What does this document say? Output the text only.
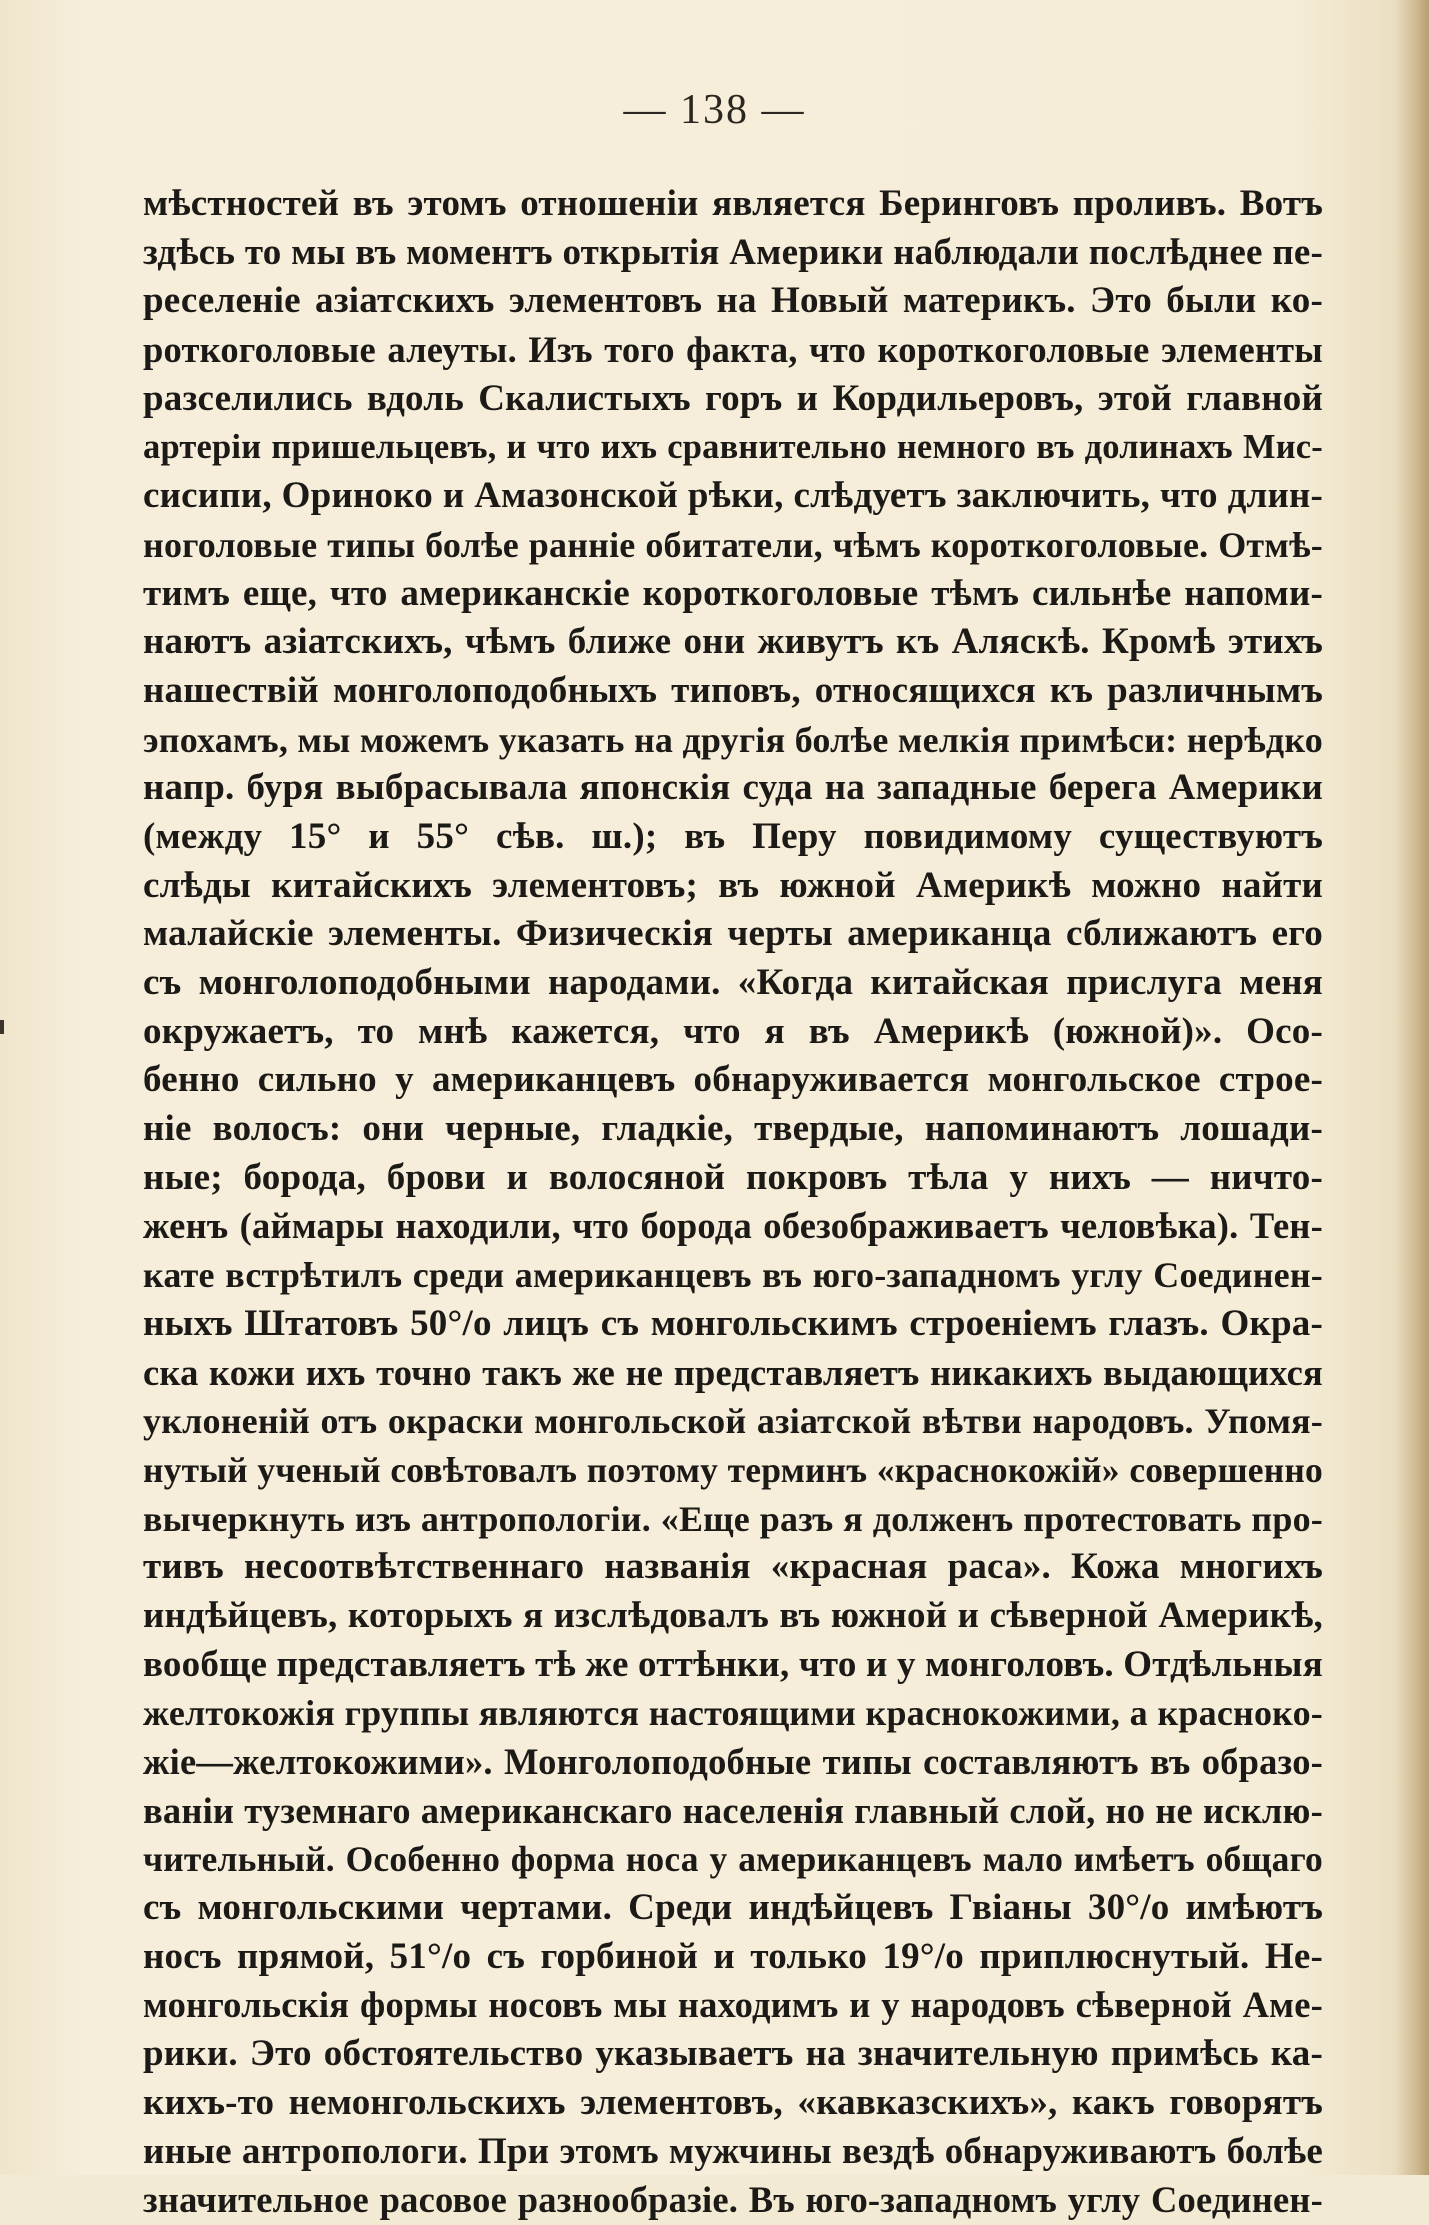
— 138 —
мѣстностей въ этомъ отношеніи является Беринговъ проливъ. Вотъ
здѣсь то мы въ моментъ открытія Америки наблюдали послѣднее пе-
реселеніе азіатскихъ элементовъ на Новый материкъ. Это были ко-
роткоголовые алеуты. Изъ того факта, что короткоголовые элементы
разселились вдоль Скалистыхъ горъ и Кордильеровъ, этой главной
артеріи пришельцевъ, и что ихъ сравнительно немного въ долинахъ Мис-
сисипи, Ориноко и Амазонской рѣки, слѣдуетъ заключить, что длин-
ноголовые типы болѣе ранніе обитатели, чѣмъ короткоголовые. Отмѣ-
тимъ еще, что американскіе короткоголовые тѣмъ сильнѣе напоми-
наютъ азіатскихъ, чѣмъ ближе они живутъ къ Аляскѣ. Кромѣ этихъ
нашествій монголоподобныхъ типовъ, относящихся къ различнымъ
эпохамъ, мы можемъ указать на другія болѣе мелкія примѣси: нерѣдко
напр. буря выбрасывала японскія суда на западные берега Америки
(между 15° и 55° сѣв. ш.); въ Перу повидимому существуютъ
слѣды китайскихъ элементовъ; въ южной Америкѣ можно найти
малайскіе элементы. Физическія черты американца сближаютъ его
съ монголоподобными народами. «Когда китайская прислуга меня
окружаетъ, то мнѣ кажется, что я въ Америкѣ (южной)». Осо-
бенно сильно у американцевъ обнаруживается монгольское строе-
ніе волосъ: они черные, гладкіе, твердые, напоминаютъ лошади-
ные; борода, брови и волосяной покровъ тѣла у нихъ — ничто-
женъ (аймары находили, что борода обезображиваетъ человѣка). Тен-
кате встрѣтилъ среди американцевъ въ юго-западномъ углу Соединен-
ныхъ Штатовъ 50°/о лицъ съ монгольскимъ строеніемъ глазъ. Окра-
ска кожи ихъ точно такъ же не представляетъ никакихъ выдающихся
уклоненій отъ окраски монгольской азіатской вѣтви народовъ. Упомя-
нутый ученый совѣтовалъ поэтому терминъ «краснокожій» совершенно
вычеркнуть изъ антропологіи. «Еще разъ я долженъ протестовать про-
тивъ несоотвѣтственнаго названія «красная раса». Кожа многихъ
индѣйцевъ, которыхъ я изслѣдовалъ въ южной и сѣверной Америкѣ,
вообще представляетъ тѣ же оттѣнки, что и у монголовъ. Отдѣльныя
желтокожія группы являются настоящими краснокожими, а красноко-
жіе—желтокожими». Монголоподобные типы составляютъ въ образо-
ваніи туземнаго американскаго населенія главный слой, но не исклю-
чительный. Особенно форма носа у американцевъ мало имѣетъ общаго
съ монгольскими чертами. Среди индѣйцевъ Гвіаны 30°/о имѣютъ
носъ прямой, 51°/о съ горбиной и только 19°/о приплюснутый. Не-
монгольскія формы носовъ мы находимъ и у народовъ сѣверной Аме-
рики. Это обстоятельство указываетъ на значительную примѣсь ка-
кихъ-то немонгольскихъ элементовъ, «кавказскихъ», какъ говорятъ
иные антропологи. При этомъ мужчины вездѣ обнаруживаютъ болѣе
значительное расовое разнообразіе. Въ юго-западномъ углу Соединен-
